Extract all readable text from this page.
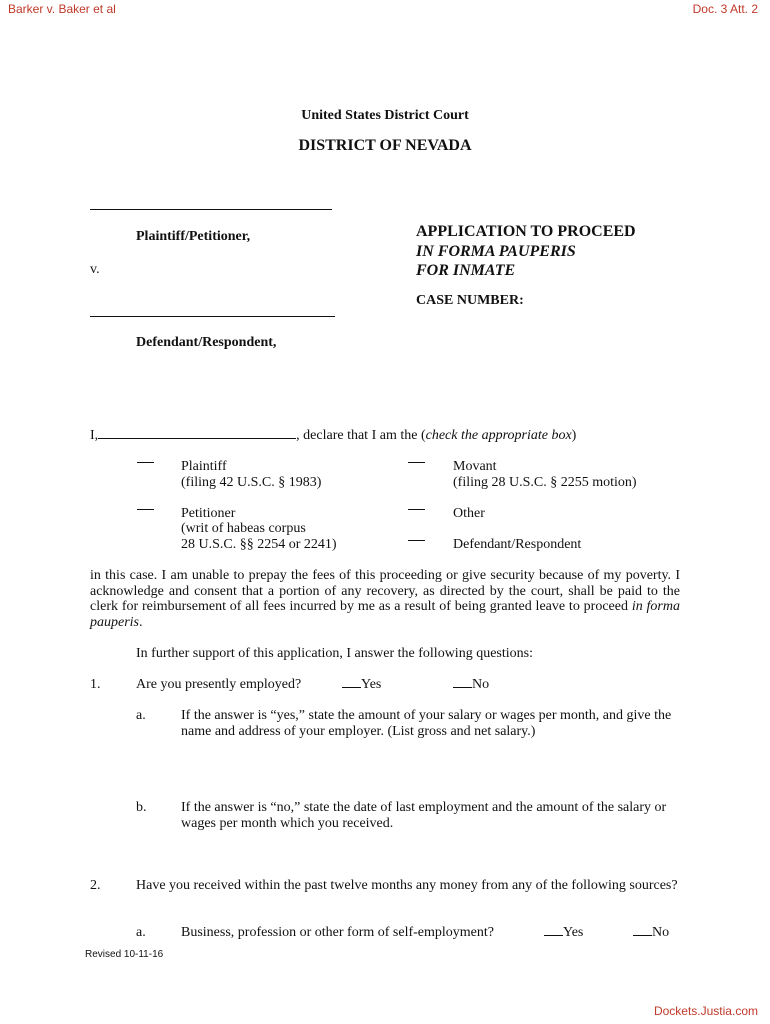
Barker v. Baker et al	Doc. 3 Att. 2
United States District Court
DISTRICT OF NEVADA
Plaintiff/Petitioner,
v.
Defendant/Respondent,
APPLICATION TO PROCEED
IN FORMA PAUPERIS
FOR INMATE
CASE NUMBER:
I,	, declare that I am the (check the appropriate box)
Plaintiff
(filing 42 U.S.C. § 1983)
Petitioner
(writ of habeas corpus
28 U.S.C. §§ 2254 or 2241)
Movant
(filing 28 U.S.C. § 2255 motion)
Other
Defendant/Respondent
in this case. I am unable to prepay the fees of this proceeding or give security because of my poverty. I acknowledge and consent that a portion of any recovery, as directed by the court, shall be paid to the clerk for reimbursement of all fees incurred by me as a result of being granted leave to proceed in forma pauperis.
In further support of this application, I answer the following questions:
1.	Are you presently employed?	Yes	No
a.	If the answer is “yes,” state the amount of your salary or wages per month, and give the name and address of your employer. (List gross and net salary.)
b. If the answer is “no,” state the date of last employment and the amount of the salary or wages per month which you received.
2.	Have you received within the past twelve months any money from any of the following sources?
a.	Business, profession or other form of self-employment?	Yes	No
Revised 10-11-16
Dockets.Justia.com
